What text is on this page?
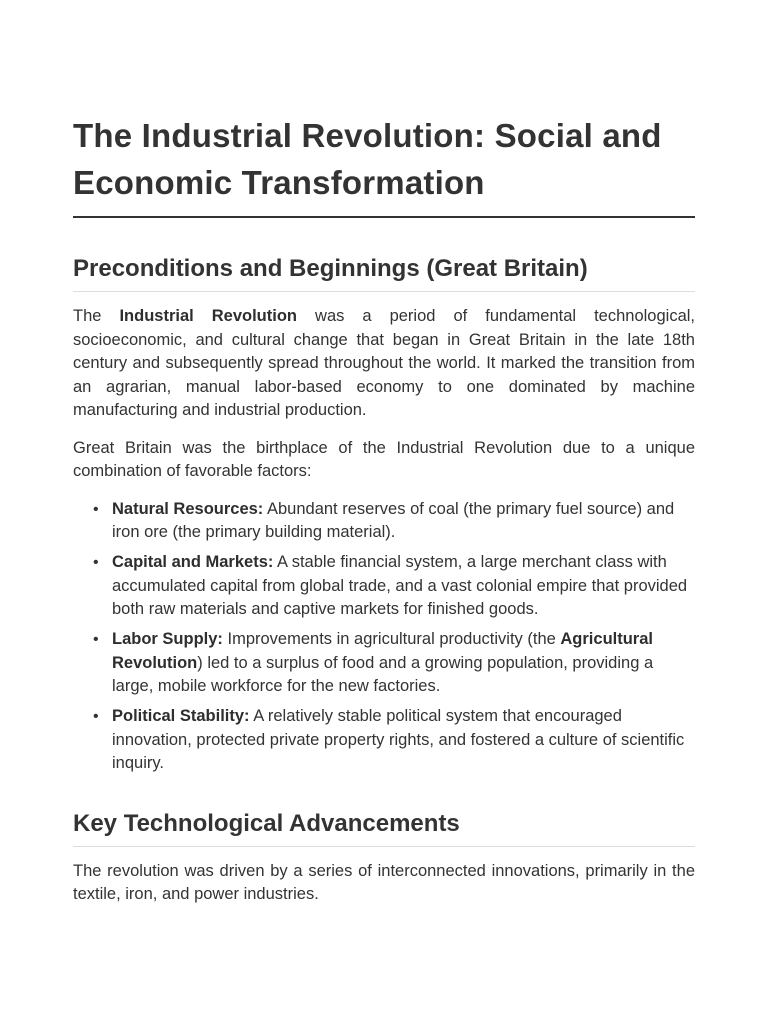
The Industrial Revolution: Social and Economic Transformation
Preconditions and Beginnings (Great Britain)

The Industrial Revolution was a period of fundamental technological, socioeconomic, and cultural change that began in Great Britain in the late 18th century and subsequently spread throughout the world. It marked the transition from an agrarian, manual labor-based economy to one dominated by machine manufacturing and industrial production.

Great Britain was the birthplace of the Industrial Revolution due to a unique combination of favorable factors:

• Natural Resources: Abundant reserves of coal (the primary fuel source) and iron ore (the primary building material).
• Capital and Markets: A stable financial system, a large merchant class with accumulated capital from global trade, and a vast colonial empire that provided both raw materials and captive markets for finished goods.
• Labor Supply: Improvements in agricultural productivity (the Agricultural Revolution) led to a surplus of food and a growing population, providing a large, mobile workforce for the new factories.
• Political Stability: A relatively stable political system that encouraged innovation, protected private property rights, and fostered a culture of scientific inquiry.
Key Technological Advancements

The revolution was driven by a series of interconnected innovations, primarily in the textile, iron, and power industries.
